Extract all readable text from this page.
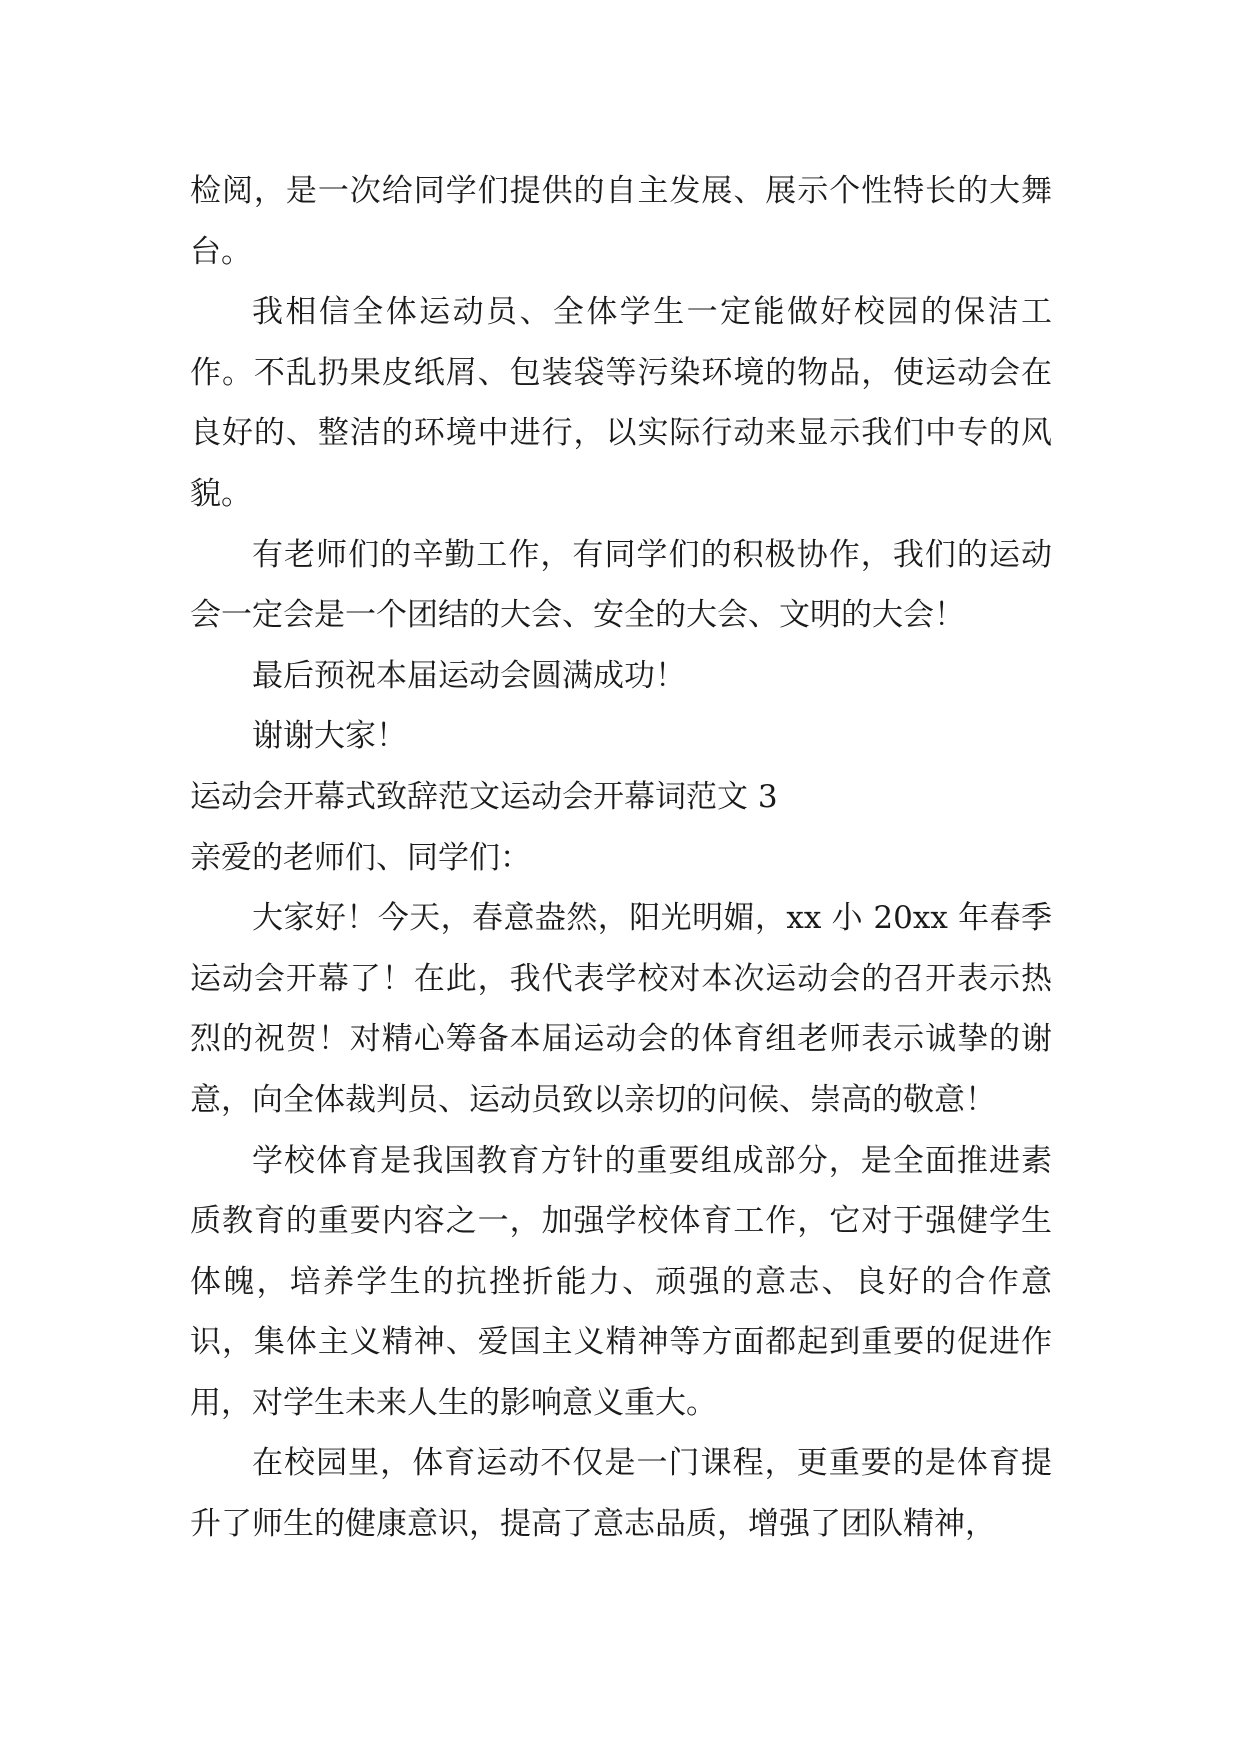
检阅，是一次给同学们提供的自主发展、展示个性特长的大舞台。

我相信全体运动员、全体学生一定能做好校园的保洁工作。不乱扔果皮纸屑、包装袋等污染环境的物品，使运动会在良好的、整洁的环境中进行，以实际行动来显示我们中专的风貌。

有老师们的辛勤工作，有同学们的积极协作，我们的运动会一定会是一个团结的大会、安全的大会、文明的大会！

最后预祝本届运动会圆满成功！

谢谢大家！

运动会开幕式致辞范文运动会开幕词范文 3

亲爱的老师们、同学们：

大家好！今天，春意盎然，阳光明媚，xx 小 20xx 年春季运动会开幕了！在此，我代表学校对本次运动会的召开表示热烈的祝贺！对精心筹备本届运动会的体育组老师表示诚挚的谢意，向全体裁判员、运动员致以亲切的问候、崇高的敬意！

学校体育是我国教育方针的重要组成部分，是全面推进素质教育的重要内容之一，加强学校体育工作，它对于强健学生体魄，培养学生的抗挫折能力、顽强的意志、良好的合作意识，集体主义精神、爱国主义精神等方面都起到重要的促进作用，对学生未来人生的影响意义重大。

在校园里，体育运动不仅是一门课程，更重要的是体育提升了师生的健康意识，提高了意志品质，增强了团队精神，
